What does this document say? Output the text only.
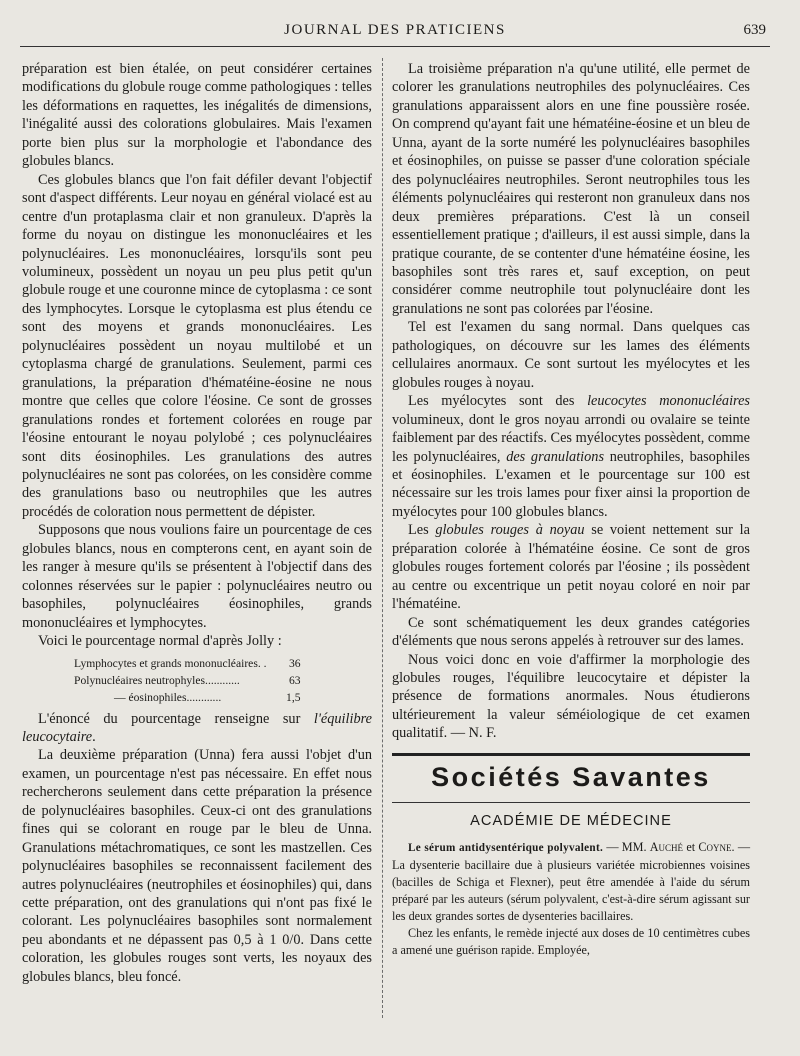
JOURNAL DES PRATICIENS	639

préparation est bien étalée, on peut considérer certaines modifications du globule rouge comme pathologiques : telles les déformations en raquettes, les inégalités de dimensions, l'inégalité aussi des colorations globulaires. Mais l'examen porte bien plus sur la morphologie et l'abondance des globules blancs.

Ces globules blancs que l'on fait défiler devant l'objectif sont d'aspect différents. Leur noyau en général violacé est au centre d'un protaplasma clair et non granuleux. D'après la forme du noyau on distingue les mononucléaires et les polynucléaires. Les mononucléaires, lorsqu'ils sont peu volumineux, possèdent un noyau un peu plus petit qu'un globule rouge et une couronne mince de cytoplasma : ce sont des lymphocytes. Lorsque le cytoplasma est plus étendu ce sont des moyens et grands mononucléaires. Les polynucléaires possèdent un noyau multilobé et un cytoplasma chargé de granulations. Seulement, parmi ces granulations, la préparation d'hématéine-éosine ne nous montre que celles que colore l'éosine. Ce sont de grosses granulations rondes et fortement colorées en rouge par l'éosine entourant le noyau polylobé ; ces polynucléaires sont dits éosinophiles. Les granulations des autres polynucléaires ne sont pas colorées, on les considère comme des granulations baso ou neutrophiles que les autres procédés de coloration nous permettent de dépister.

Supposons que nous voulions faire un pourcentage de ces globules blancs, nous en compterons cent, en ayant soin de les ranger à mesure qu'ils se présentent à l'objectif dans des colonnes réservées sur le papier : polynucléaires neutro ou basophiles, polynucléaires éosinophiles, grands mononucléaires et lymphocytes.

Voici le pourcentage normal d'après Jolly :

Lymphocytes et grands mononucléaires. .	36
Polynucléaires neutrophyles............	63
— éosinophiles............	1,5

L'énoncé du pourcentage renseigne sur l'équilibre leucocytaire.

La deuxième préparation (Unna) fera aussi l'objet d'un examen, un pourcentage n'est pas nécessaire. En effet nous rechercherons seulement dans cette préparation la présence de polynucléaires basophiles. Ceux-ci ont des granulations fines qui se colorant en rouge par le bleu de Unna. Granulations métachromatiques, ce sont les mastzellen. Ces polynucléaires basophiles se reconnaissent facilement des autres polynucléaires (neutrophiles et éosinophiles) qui, dans cette préparation, ont des granulations qui n'ont pas fixé le colorant. Les polynucléaires basophiles sont normalement peu abondants et ne dépassent pas 0,5 à 1 0/0. Dans cette coloration, les globules rouges sont verts, les noyaux des globules blancs, bleu foncé.

La troisième préparation n'a qu'une utilité, elle permet de colorer les granulations neutrophiles des polynucléaires. Ces granulations apparaissent alors en une fine poussière rosée. On comprend qu'ayant fait une hématéine-éosine et un bleu de Unna, ayant de la sorte numéré les polynucléaires basophiles et éosinophiles, on puisse se passer d'une coloration spéciale des polynucléaires neutrophiles. Seront neutrophiles tous les éléments polynucléaires qui resteront non granuleux dans nos deux premières préparations. C'est là un conseil essentiellement pratique ; d'ailleurs, il est aussi simple, dans la pratique courante, de se contenter d'une hématéine éosine, les basophiles sont très rares et, sauf exception, on peut considérer comme neutrophile tout polynucléaire dont les granulations ne sont pas colorées par l'éosine.

Tel est l'examen du sang normal. Dans quelques cas pathologiques, on découvre sur les lames des éléments cellulaires anormaux. Ce sont surtout les myélocytes et les globules rouges à noyau.

Les myélocytes sont des leucocytes mononucléaires volumineux, dont le gros noyau arrondi ou ovalaire se teinte faiblement par des réactifs. Ces myélocytes possèdent, comme les polynucléaires, des granulations neutrophiles, basophiles et éosinophiles. L'examen et le pourcentage sur 100 est nécessaire sur les trois lames pour fixer ainsi la proportion de myélocytes pour 100 globules blancs.

Les globules rouges à noyau se voient nettement sur la préparation colorée à l'hématéine éosine. Ce sont de gros globules rouges fortement colorés par l'éosine ; ils possèdent au centre ou excentrique un petit noyau coloré en noir par l'hématéine.

Ce sont schématiquement les deux grandes catégories d'éléments que nous serons appelés à retrouver sur des lames.

Nous voici donc en voie d'affirmer la morphologie des globules rouges, l'équilibre leucocytaire et dépister la présence de formations anormales. Nous étudierons ultérieurement la valeur séméiologique de cet examen qualitatif. — N. F.

Sociétés Savantes
ACADÉMIE DE MÉDECINE

Le sérum antidysentérique polyvalent. — MM. Auché et Coyne. — La dysenterie bacillaire due à plusieurs variétée microbiennes voisines (bacilles de Schiga et Flexner), peut être amendée à l'aide du sérum préparé par les auteurs (sérum polyvalent, c'est-à-dire sérum agissant sur les deux grandes sortes de dysenteries bacillaires.

Chez les enfants, le remède injecté aux doses de 10 centimètres cubes a amené une guérison rapide. Employée,
